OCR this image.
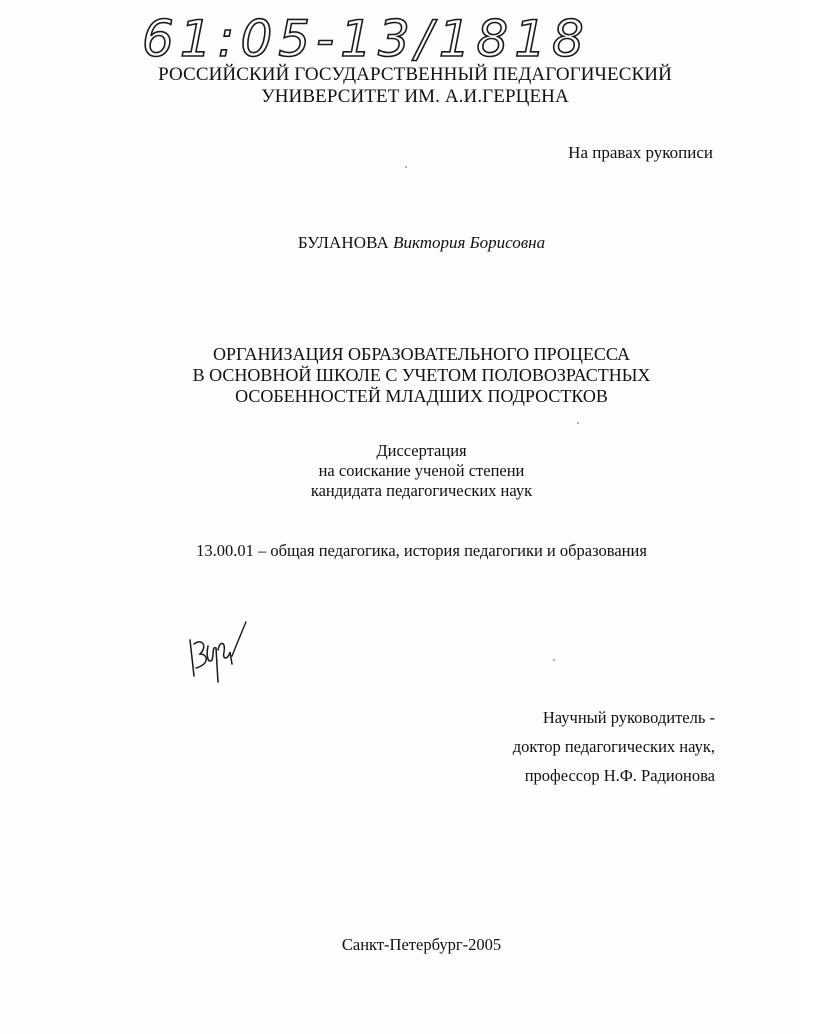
61:05-13/1818
РОССИЙСКИЙ ГОСУДАРСТВЕННЫЙ ПЕДАГОГИЧЕСКИЙ
УНИВЕРСИТЕТ ИМ. А.И.ГЕРЦЕНА
На правах рукописи
БУЛАНОВА Виктория Борисовна
ОРГАНИЗАЦИЯ ОБРАЗОВАТЕЛЬНОГО ПРОЦЕССА
В ОСНОВНОЙ ШКОЛЕ С УЧЕТОМ ПОЛОВОЗРАСТНЫХ
ОСОБЕННОСТЕЙ МЛАДШИХ ПОДРОСТКОВ
Диссертация
на соискание ученой степени
кандидата педагогических наук
13.00.01 – общая педагогика, история педагогики и образования
Научный руководитель -
доктор педагогических наук,
профессор Н.Ф. Радионова
Санкт-Петербург-2005
